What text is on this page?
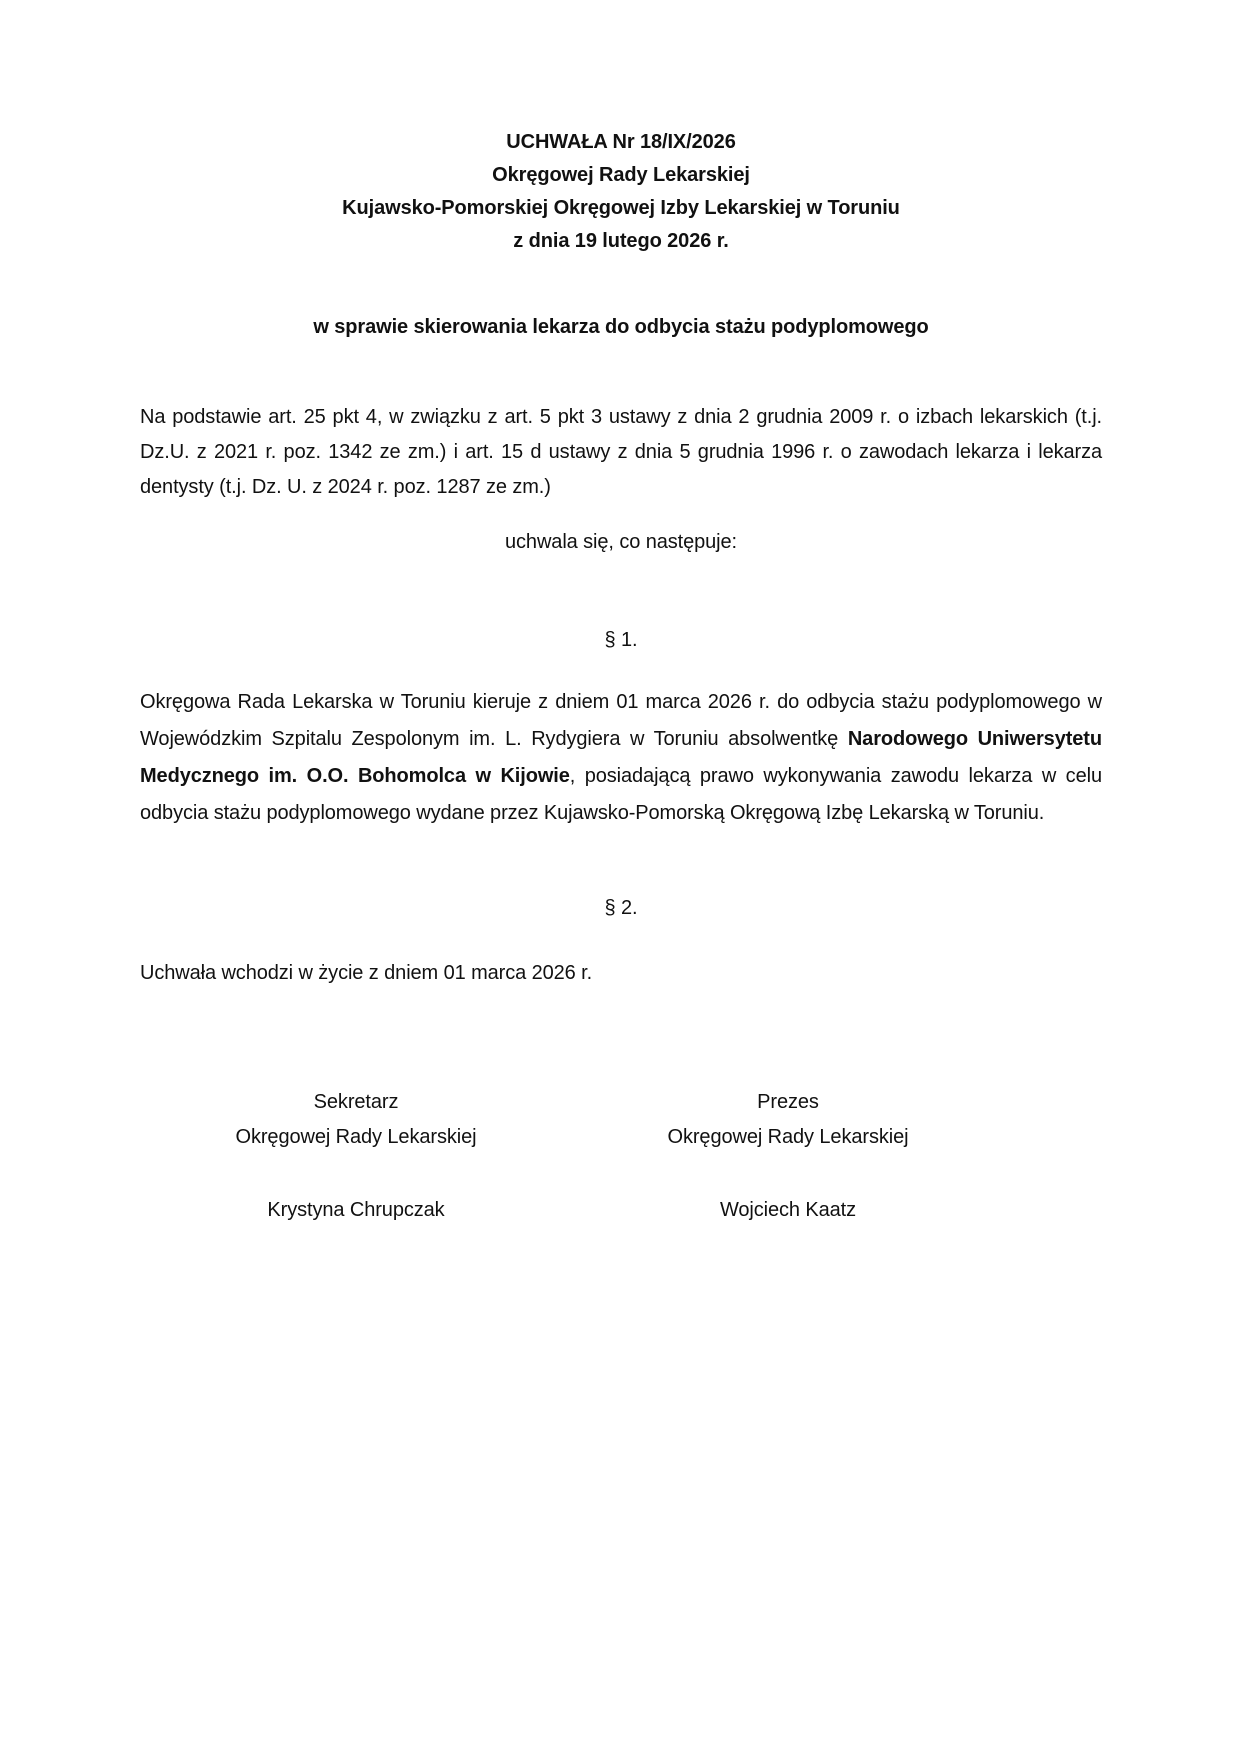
UCHWAŁA Nr 18/IX/2026
Okręgowej Rady Lekarskiej
Kujawsko-Pomorskiej Okręgowej Izby Lekarskiej w Toruniu
z dnia 19 lutego 2026 r.
w sprawie skierowania lekarza do odbycia stażu podyplomowego

Na podstawie art. 25 pkt 4, w związku z art. 5 pkt 3 ustawy z dnia 2 grudnia 2009 r. o izbach lekarskich (t.j. Dz.U. z 2021 r. poz. 1342 ze zm.) i art. 15 d ustawy z dnia 5 grudnia 1996 r. o zawodach lekarza i lekarza dentysty (t.j. Dz. U. z 2024 r. poz. 1287 ze zm.)

uchwala się, co następuje:
§ 1.

Okręgowa Rada Lekarska w Toruniu kieruje z dniem 01 marca 2026 r. do odbycia stażu podyplomowego w Wojewódzkim Szpitalu Zespolonym im. L. Rydygiera w Toruniu absolwentkę Narodowego Uniwersytetu Medycznego im. O.O. Bohomolca w Kijowie, posiadającą prawo wykonywania zawodu lekarza w celu odbycia stażu podyplomowego wydane przez Kujawsko-Pomorską Okręgową Izbę Lekarską w Toruniu.

§ 2.

Uchwała wchodzi w życie z dniem 01 marca 2026 r.

Sekretarz
Okręgowej Rady Lekarskiej
Krystyna Chrupczak
Prezes
Okręgowej Rady Lekarskiej
Wojciech Kaatz
